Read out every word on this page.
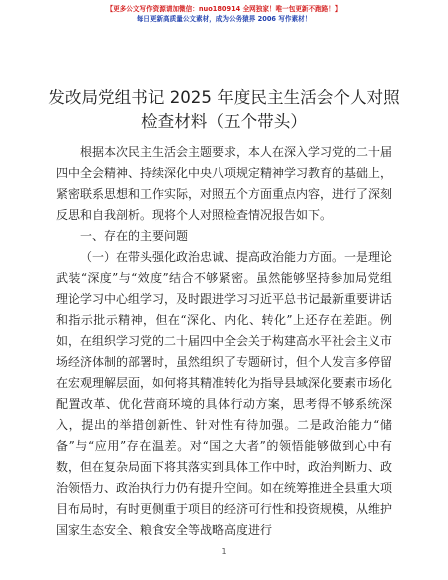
【更多公文写作资源请加微信：nuo180914 全网独家！唯一包更新不跑路！】
每日更新高质量公文素材，成为公务猿界 2006 写作素材！
发改局党组书记 2025 年度民主生活会个人对照
检查材料（五个带头）

根据本次民主生活会主题要求，本人在深入学习党的二十届四中全会精神、持续深化中央八项规定精神学习教育的基础上，紧密联系思想和工作实际，对照五个方面重点内容，进行了深刻反思和自我剖析。现将个人对照检查情况报告如下。

一、存在的主要问题

（一）在带头强化政治忠诚、提高政治能力方面。一是理论武装“深度”与“效度”结合不够紧密。虽然能够坚持参加局党组理论学习中心组学习，及时跟进学习习近平总书记最新重要讲话和指示批示精神，但在“深化、内化、转化”上还存在差距。例如，在组织学习党的二十届四中全会关于构建高水平社会主义市场经济体制的部署时，虽然组织了专题研讨，但个人发言多停留在宏观理解层面，如何将其精准转化为指导县域深化要素市场化配置改革、优化营商环境的具体行动方案，思考得不够系统深入，提出的举措创新性、针对性有待加强。二是政治能力“储备”与“应用”存在温差。对“国之大者”的领悟能够做到心中有数，但在复杂局面下将其落实到具体工作中时，政治判断力、政治领悟力、政治执行力仍有提升空间。如在统筹推进全县重大项目布局时，有时更侧重于项目的经济可行性和投资规模，从维护国家生态安全、粮食安全等战略高度进行

1
